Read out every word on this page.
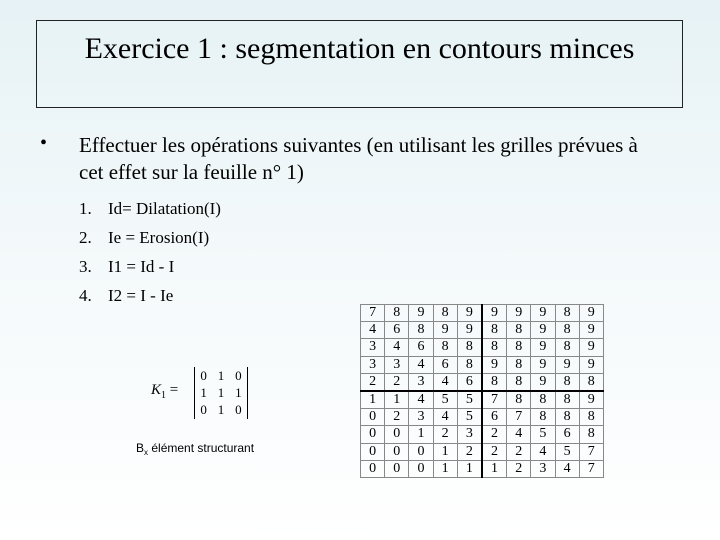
Exercice 1 : segmentation en contours minces
• Effectuer les opérations suivantes (en utilisant les grilles prévues à cet effet sur la feuille n° 1)
1. Id= Dilatation(I)
2. Ie = Erosion(I)
3. I1 = Id - I
4. I2 = I - Ie
$K_1$ =
0	1	0
1	1	1
0	1	0
$B_x$ élément structurant
7	8	9	8	9	9	9	9	8	9
4	6	8	9	9	8	8	9	8	9
3	4	6	8	8	8	8	9	8	9
3	3	4	6	8	9	8	9	9	9
2	2	3	4	6	8	8	9	8	8
1	1	4	5	5	7	8	8	8	9
0	2	3	4	5	6	7	8	8	8
0	0	1	2	3	2	4	5	6	8
0	0	0	1	2	2	2	4	5	7
0	0	0	1	1	1	2	3	4	7
